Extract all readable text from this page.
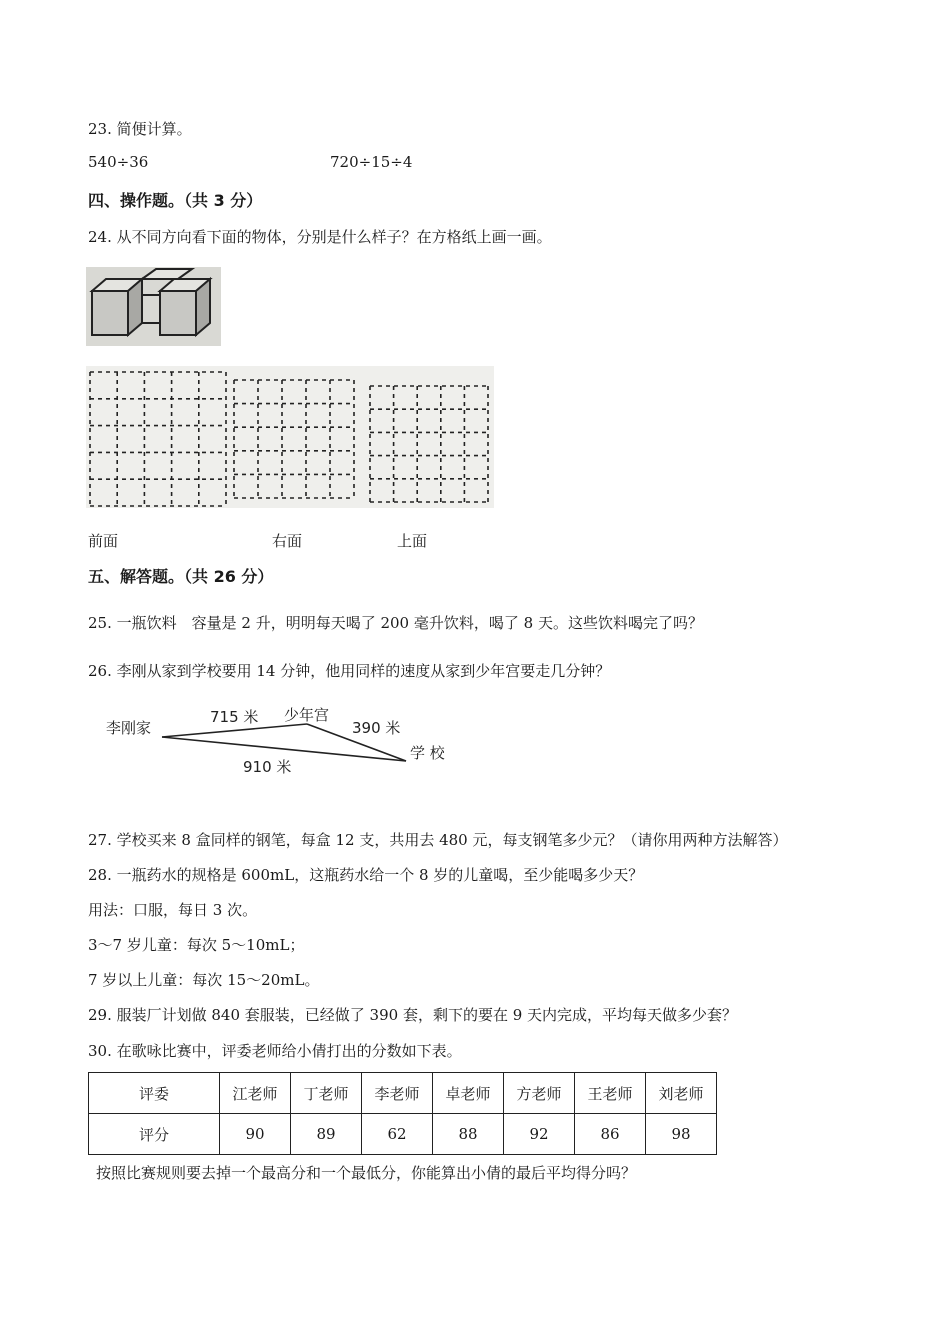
23. 简便计算。
540÷36	720÷15÷4
四、操作题。（共 3 分）
24. 从不同方向看下面的物体，分别是什么样子？在方格纸上画一画。
前面	右面	上面
五、解答题。（共 26 分）
25. 一瓶饮料　容量是 2 升，明明每天喝了 200 毫升饮料，喝了 8 天。这些饮料喝完了吗？
26. 李刚从家到学校要用 14 分钟，他用同样的速度从家到少年宫要走几分钟？
李刚家
少年宫
学 校
715 米
390 米
910 米
27. 学校买来 8 盒同样的钢笔，每盒 12 支，共用去 480 元，每支钢笔多少元？（请你用两种方法解答）
28. 一瓶药水的规格是 600mL，这瓶药水给一个 8 岁的儿童喝，至少能喝多少天？
用法：口服，每日 3 次。
3～7 岁儿童：每次 5～10mL；
7 岁以上儿童：每次 15～20mL。
29. 服装厂计划做 840 套服装，已经做了 390 套，剩下的要在 9 天内完成，平均每天做多少套？
30. 在歌咏比赛中，评委老师给小倩打出的分数如下表。
评委	江老师	丁老师	李老师	卓老师	方老师	王老师	刘老师
评分	90	89	62	88	92	86	98
按照比赛规则要去掉一个最高分和一个最低分，你能算出小倩的最后平均得分吗？
